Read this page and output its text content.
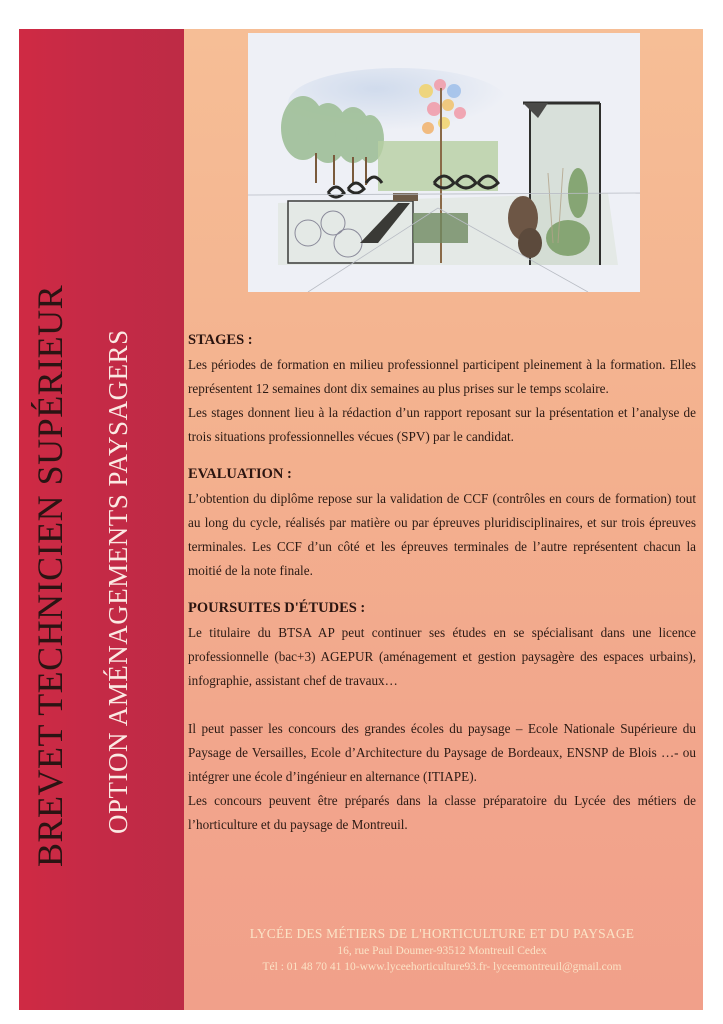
BREVET TECHNICIEN SUPÉRIEUR OPTION AMÉNAGEMENTS PAYSAGERS	STAGES :

Les périodes de formation en milieu professionnel participent pleinement à la formation. Elles représentent 12 semaines dont dix semaines au plus prises sur le temps scolaire.

Les stages donnent lieu à la rédaction d’un rapport reposant sur la présentation et l’analyse de trois situations professionnelles vécues (SPV) par le candidat.

EVALUATION :

L’obtention du diplôme repose sur la validation de CCF (contrôles en cours de formation) tout au long du cycle, réalisés par matière ou par épreuves pluridisciplinaires, et sur trois épreuves terminales. Les CCF d’un côté et les épreuves terminales de l’autre représentent chacun la moitié de la note finale.

POURSUITES D'ÉTUDES :

Le titulaire du BTSA AP peut continuer ses études en se spécialisant dans une licence professionnelle (bac+3) AGEPUR (aménagement et gestion paysagère des espaces urbains), infographie, assistant chef de travaux…

Il peut passer les concours des grandes écoles du paysage – Ecole Nationale Supérieure du Paysage de Versailles, Ecole d’Architecture du Paysage de Bordeaux, ENSNP de Blois …- ou intégrer une école d’ingénieur en alternance (ITIAPE).

Les concours peuvent être préparés dans la classe préparatoire du Lycée des métiers de l’horticulture et du paysage de Montreuil.

LYCÉE DES MÉTIERS DE L'HORTICULTURE ET DU PAYSAGE
16, rue Paul Doumer-93512 Montreuil Cedex
Tél : 01 48 70 41 10-www.lyceehorticulture93.fr- lyceemontreuil@gmail.com
